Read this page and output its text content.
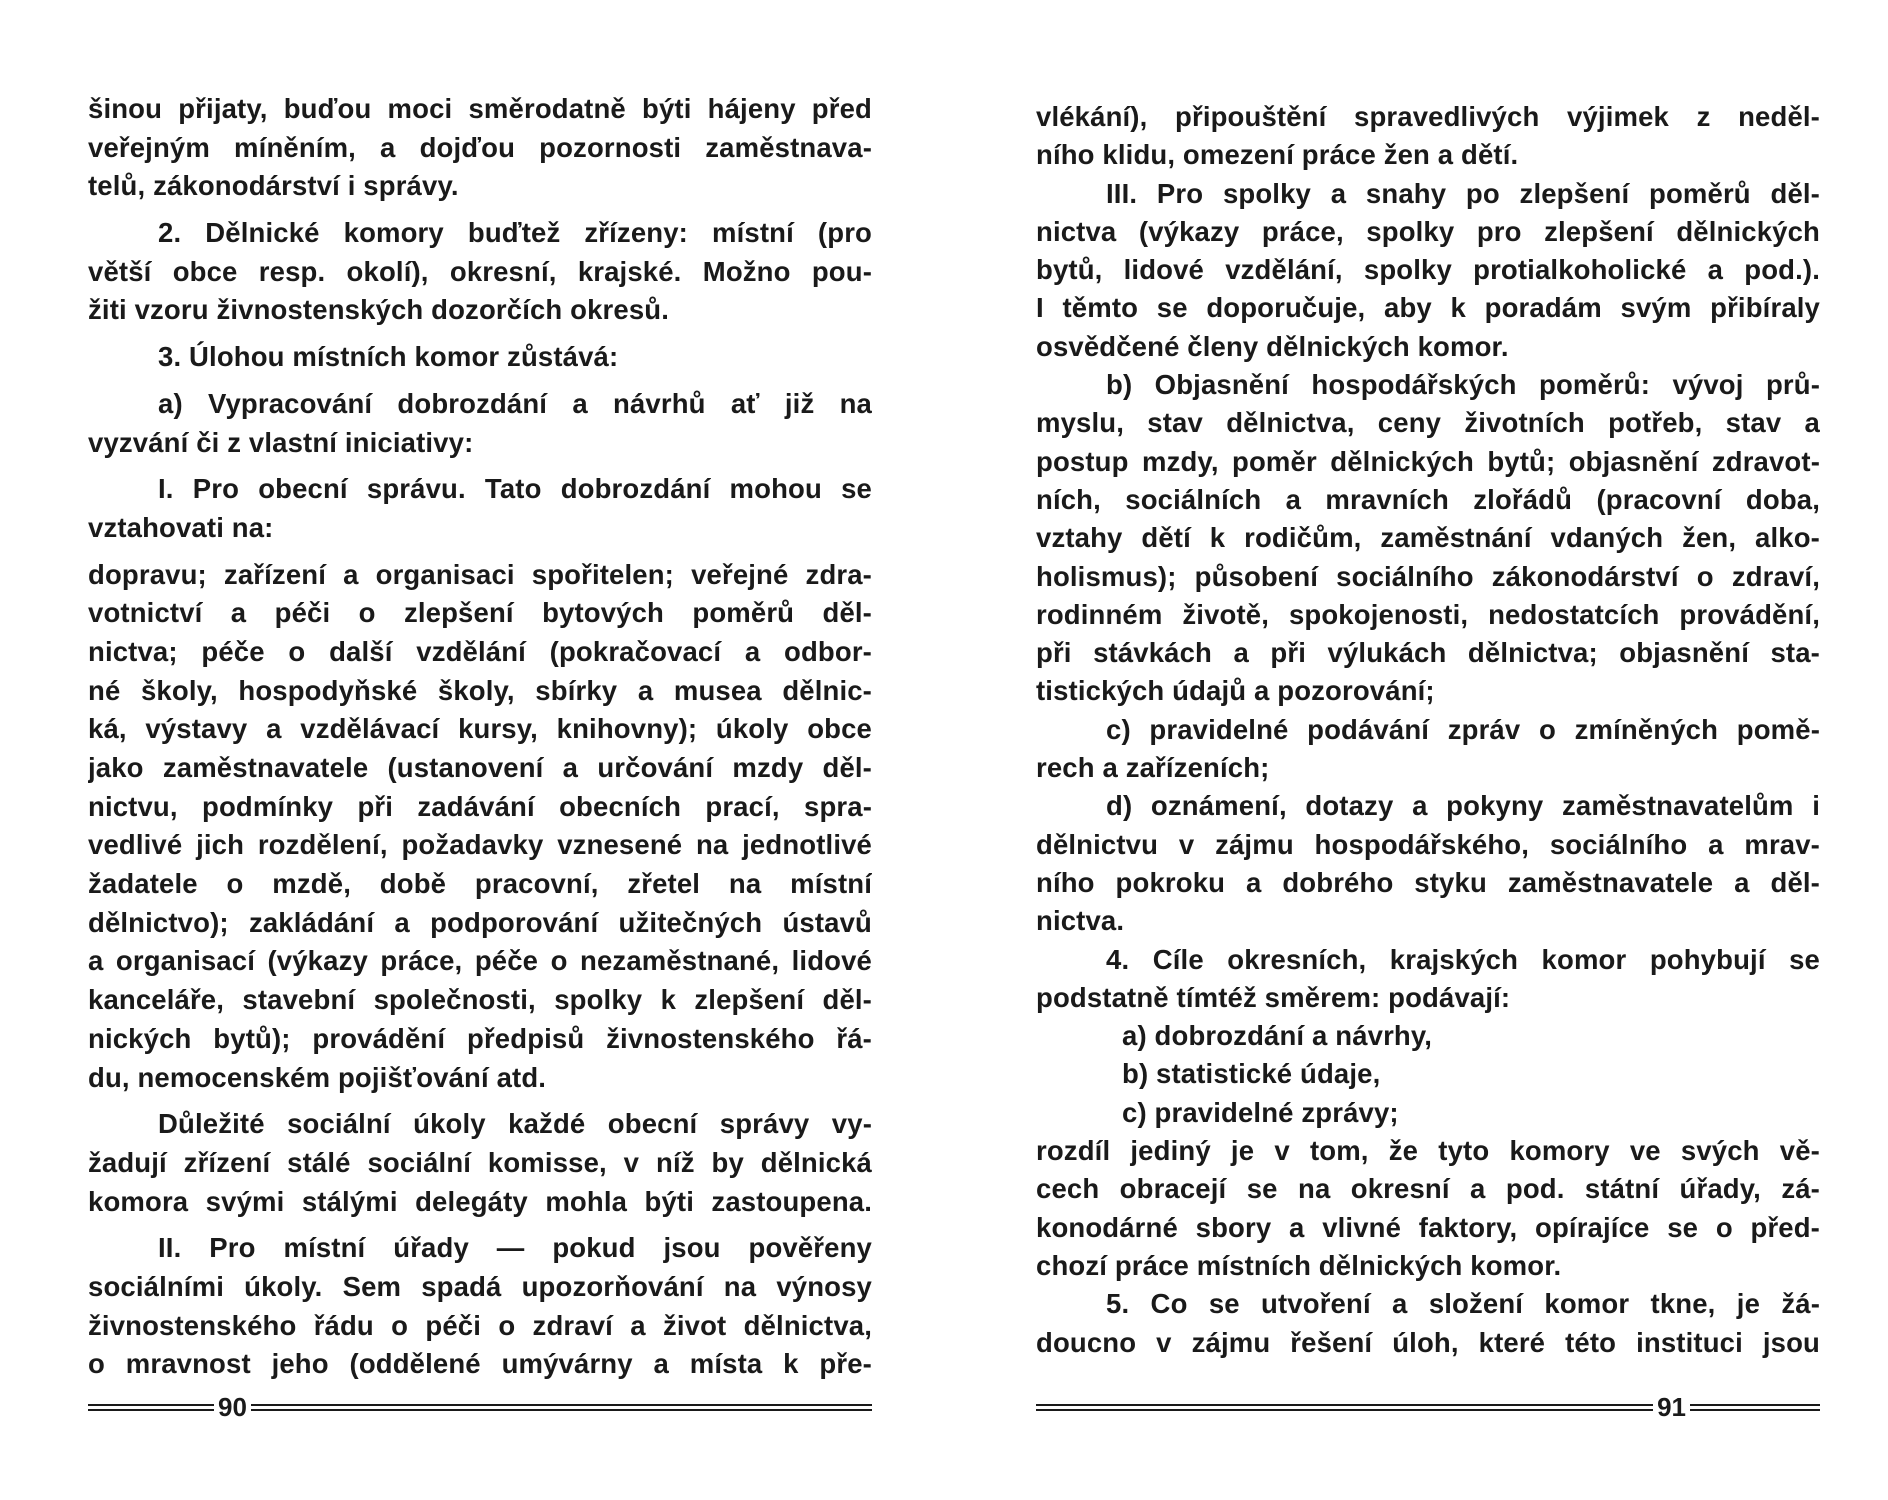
šinou přijaty, buďou moci směrodatně býti hájeny před
veřejným míněním, a dojďou pozornosti zaměstnava-
telů, zákonodárství i správy.
2. Dělnické komory buďtež zřízeny: místní (pro
větší obce resp. okolí), okresní, krajské. Možno pou-
žiti vzoru živnostenských dozorčích okresů.
3. Úlohou místních komor zůstává:
a) Vypracování dobrozdání a návrhů ať již na
vyzvání či z vlastní iniciativy:
I. Pro obecní správu. Tato dobrozdání mohou se
vztahovati na:
dopravu; zařízení a organisaci spořitelen; veřejné zdra-
votnictví a péči o zlepšení bytových poměrů děl-
nictva; péče o další vzdělání (pokračovací a odbor-
né školy, hospodyňské školy, sbírky a musea dělnic-
ká, výstavy a vzdělávací kursy, knihovny); úkoly obce
jako zaměstnavatele (ustanovení a určování mzdy děl-
nictvu, podmínky při zadávání obecních prací, spra-
vedlivé jich rozdělení, požadavky vznesené na jednotlivé
žadatele o mzdě, době pracovní, zřetel na místní
dělnictvo); zakládání a podporování užitečných ústavů
a organisací (výkazy práce, péče o nezaměstnané, lidové
kanceláře, stavební společnosti, spolky k zlepšení děl-
nických bytů); provádění předpisů živnostenského řá-
du, nemocenském pojišťování atd.
Důležité sociální úkoly každé obecní správy vy-
žadují zřízení stálé sociální komisse, v níž by dělnická
komora svými stálými delegáty mohla býti zastoupena.
II. Pro místní úřady — pokud jsou pověřeny
sociálními úkoly. Sem spadá upozorňování na výnosy
živnostenského řádu o péči o zdraví a život dělnictva,
o mravnost jeho (oddělené umývárny a místa k pře-
90
vlékání), připouštění spravedlivých výjimek z neděl-
ního klidu, omezení práce žen a dětí.
III. Pro spolky a snahy po zlepšení poměrů děl-
nictva (výkazy práce, spolky pro zlepšení dělnických
bytů, lidové vzdělání, spolky protialkoholické a pod.).
I těmto se doporučuje, aby k poradám svým přibíraly
osvědčené členy dělnických komor.
b) Objasnění hospodářských poměrů: vývoj prů-
myslu, stav dělnictva, ceny životních potřeb, stav a
postup mzdy, poměr dělnických bytů; objasnění zdravot-
ních, sociálních a mravních zlořádů (pracovní doba,
vztahy dětí k rodičům, zaměstnání vdaných žen, alko-
holismus); působení sociálního zákonodárství o zdraví,
rodinném životě, spokojenosti, nedostatcích provádění,
při stávkách a při výlukách dělnictva; objasnění sta-
tistických údajů a pozorování;
c) pravidelné podávání zpráv o zmíněných pomě-
rech a zařízeních;
d) oznámení, dotazy a pokyny zaměstnavatelům i
dělnictvu v zájmu hospodářského, sociálního a mrav-
ního pokroku a dobrého styku zaměstnavatele a děl-
nictva.
4. Cíle okresních, krajských komor pohybují se
podstatně tímtéž směrem: podávají:
a) dobrozdání a návrhy,
b) statistické údaje,
c) pravidelné zprávy;
rozdíl jediný je v tom, že tyto komory ve svých vě-
cech obracejí se na okresní a pod. státní úřady, zá-
konodárné sbory a vlivné faktory, opírajíce se o před-
chozí práce místních dělnických komor.
5. Co se utvoření a složení komor tkne, je žá-
doucno v zájmu řešení úloh, které této instituci jsou
91
